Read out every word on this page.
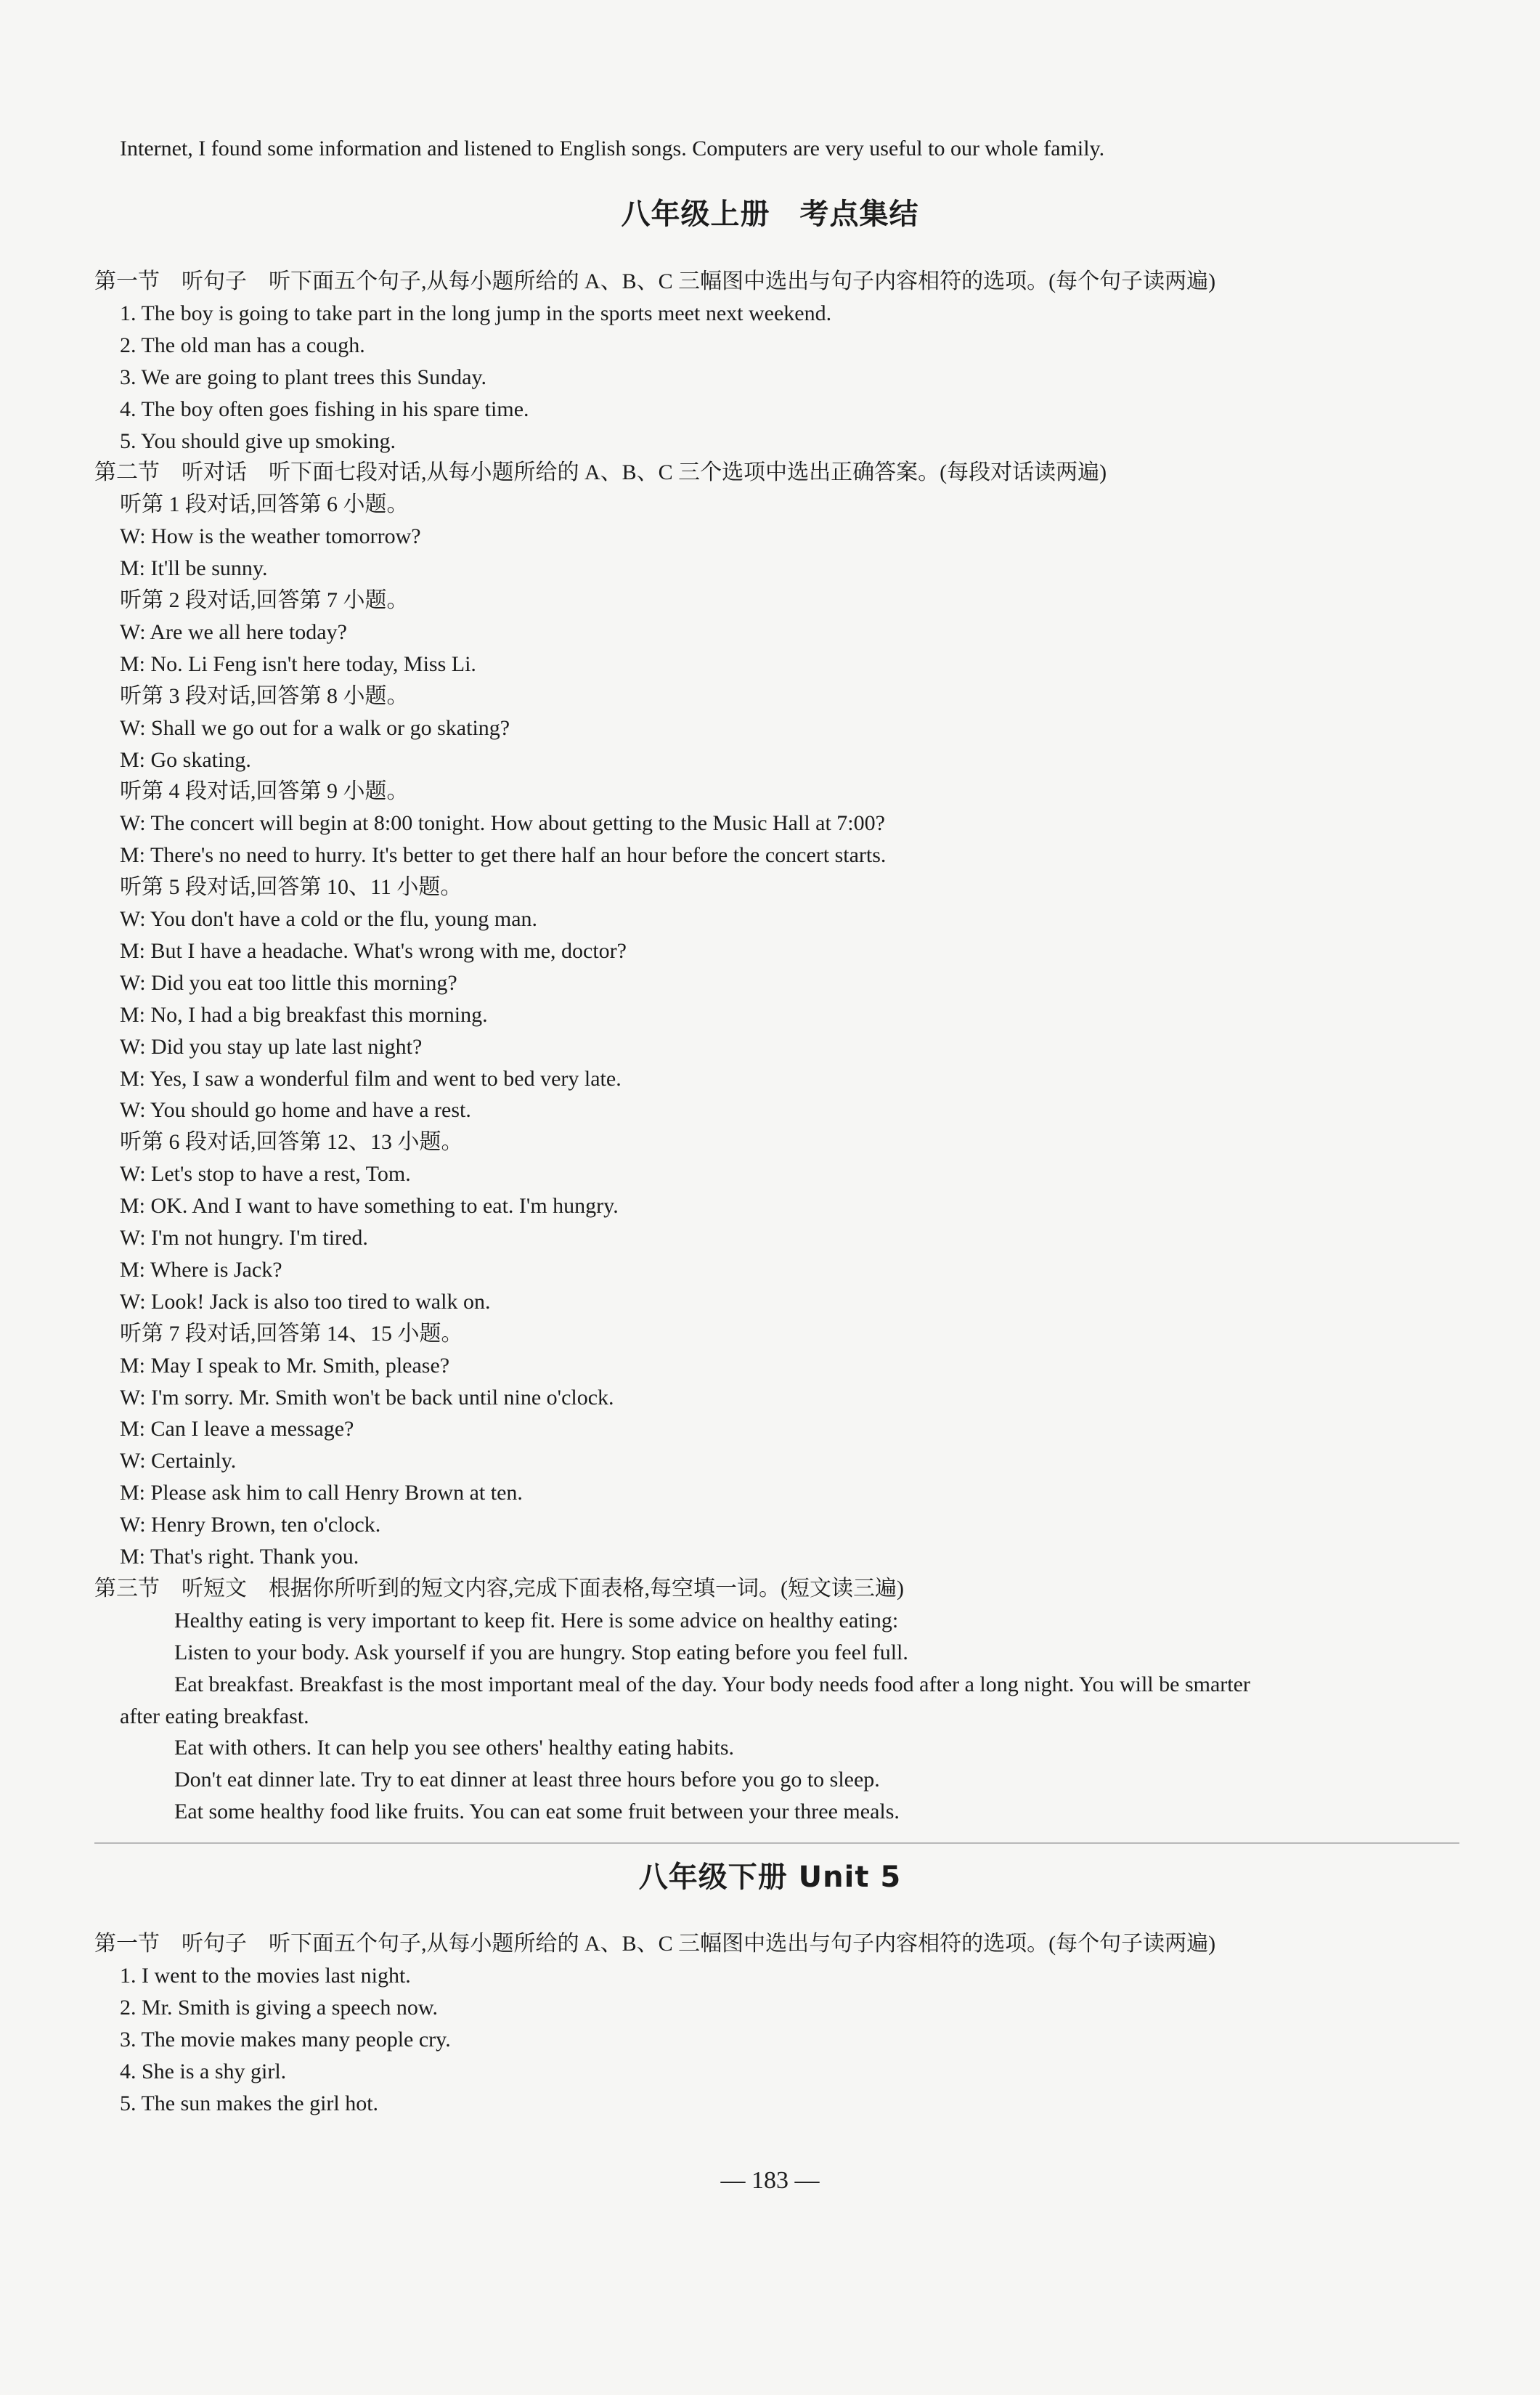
Internet, I found some information and listened to English songs. Computers are very useful to our whole family.
八年级上册　考点集结
第一节　听句子　听下面五个句子,从每小题所给的 A、B、C 三幅图中选出与句子内容相符的选项。(每个句子读两遍)
1. The boy is going to take part in the long jump in the sports meet next weekend.
2. The old man has a cough.
3. We are going to plant trees this Sunday.
4. The boy often goes fishing in his spare time.
5. You should give up smoking.
第二节　听对话　听下面七段对话,从每小题所给的 A、B、C 三个选项中选出正确答案。(每段对话读两遍)
听第 1 段对话,回答第 6 小题。
W: How is the weather tomorrow?
M: It'll be sunny.
听第 2 段对话,回答第 7 小题。
W: Are we all here today?
M: No. Li Feng isn't here today, Miss Li.
听第 3 段对话,回答第 8 小题。
W: Shall we go out for a walk or go skating?
M: Go skating.
听第 4 段对话,回答第 9 小题。
W: The concert will begin at 8:00 tonight. How about getting to the Music Hall at 7:00?
M: There's no need to hurry. It's better to get there half an hour before the concert starts.
听第 5 段对话,回答第 10、11 小题。
W: You don't have a cold or the flu, young man.
M: But I have a headache. What's wrong with me, doctor?
W: Did you eat too little this morning?
M: No, I had a big breakfast this morning.
W: Did you stay up late last night?
M: Yes, I saw a wonderful film and went to bed very late.
W: You should go home and have a rest.
听第 6 段对话,回答第 12、13 小题。
W: Let's stop to have a rest, Tom.
M: OK. And I want to have something to eat. I'm hungry.
W: I'm not hungry. I'm tired.
M: Where is Jack?
W: Look! Jack is also too tired to walk on.
听第 7 段对话,回答第 14、15 小题。
M: May I speak to Mr. Smith, please?
W: I'm sorry. Mr. Smith won't be back until nine o'clock.
M: Can I leave a message?
W: Certainly.
M: Please ask him to call Henry Brown at ten.
W: Henry Brown, ten o'clock.
M: That's right. Thank you.
第三节　听短文　根据你所听到的短文内容,完成下面表格,每空填一词。(短文读三遍)
Healthy eating is very important to keep fit. Here is some advice on healthy eating:
Listen to your body. Ask yourself if you are hungry. Stop eating before you feel full.
Eat breakfast. Breakfast is the most important meal of the day. Your body needs food after a long night. You will be smarter
after eating breakfast.
Eat with others. It can help you see others' healthy eating habits.
Don't eat dinner late. Try to eat dinner at least three hours before you go to sleep.
Eat some healthy food like fruits. You can eat some fruit between your three meals.
八年级下册 Unit 5
第一节　听句子　听下面五个句子,从每小题所给的 A、B、C 三幅图中选出与句子内容相符的选项。(每个句子读两遍)
1. I went to the movies last night.
2. Mr. Smith is giving a speech now.
3. The movie makes many people cry.
4. She is a shy girl.
5. The sun makes the girl hot.
— 183 —
